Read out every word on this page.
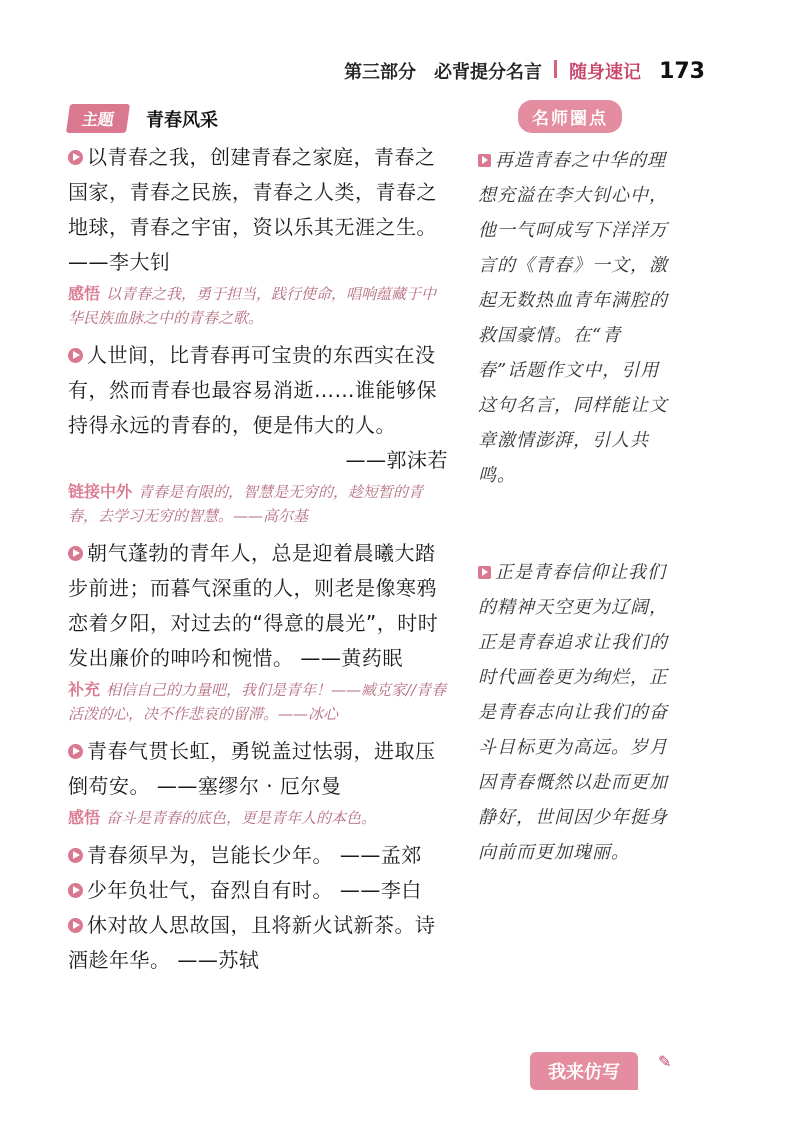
第三部分　必背提分名言 随身速记 173
主题	青春风采
以青春之我，创建青春之家庭，青春之国家，青春之民族，青春之人类，青春之地球，青春之宇宙，资以乐其无涯之生。 ——李大钊
感悟 以青春之我，勇于担当，践行使命，唱响蕴藏于中华民族血脉之中的青春之歌。
人世间，比青春再可宝贵的东西实在没有，然而青春也最容易消逝……谁能够保持得永远的青春的，便是伟大的人。
——郭沫若
链接中外 青春是有限的，智慧是无穷的，趁短暂的青春，去学习无穷的智慧。——高尔基
朝气蓬勃的青年人，总是迎着晨曦大踏步前进；而暮气深重的人，则老是像寒鸦恋着夕阳，对过去的“得意的晨光”，时时发出廉价的呻吟和惋惜。 ——黄药眠
补充 相信自己的力量吧，我们是青年！——臧克家//青春活泼的心，决不作悲哀的留滞。——冰心
青春气贯长虹，勇锐盖过怯弱，进取压倒苟安。 ——塞缪尔 · 厄尔曼
感悟 奋斗是青春的底色，更是青年人的本色。
青春须早为，岂能长少年。 ——孟郊
少年负壮气，奋烈自有时。 ——李白
休对故人思故国，且将新火试新茶。诗酒趁年华。 ——苏轼
名师圈点
再造青春之中华的理想充溢在李大钊心中，他一气呵成写下洋洋万言的《青春》一文，激起无数热血青年满腔的救国豪情。在“青春”话题作文中，引用这句名言，同样能让文章激情澎湃，引人共鸣。
正是青春信仰让我们的精神天空更为辽阔，正是青春追求让我们的时代画卷更为绚烂，正是青春志向让我们的奋斗目标更为高远。岁月因青春慨然以赴而更加静好，世间因少年挺身向前而更加瑰丽。
我来仿写
✎
